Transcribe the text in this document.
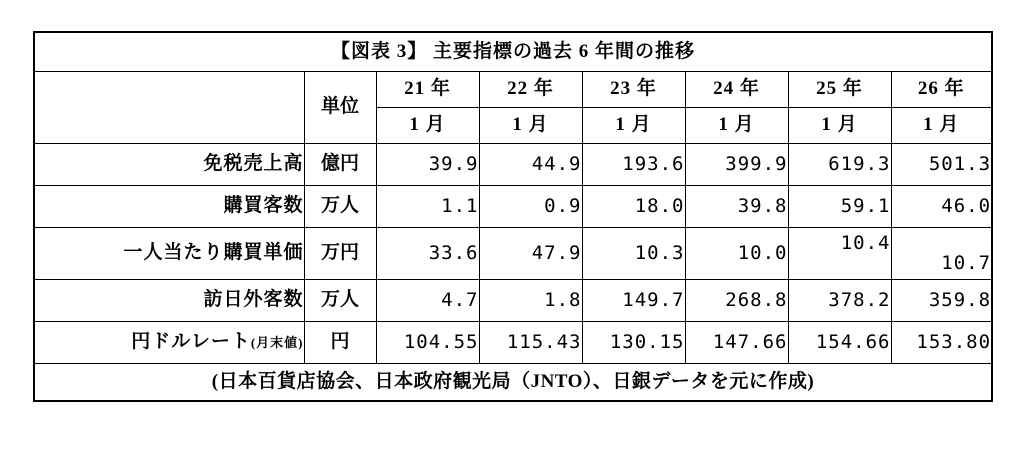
【図表 3】 主要指標の過去 6 年間の推移							
	単位	21 年	22 年	23 年	24 年	25 年	26 年
		1 月	1 月	1 月	1 月	1 月	1 月
免税売上高	億円	39.9	44.9	193.6	399.9	619.3	501.3
購買客数	万人	1.1	0.9	18.0	39.8	59.1	46.0
一人当たり購買単価	万円	33.6	47.9	10.3	10.0	10.4	10.7
訪日外客数	万人	4.7	1.8	149.7	268.8	378.2	359.8
円ドルレート(月末値)	円	104.55	115.43	130.15	147.66	154.66	153.80
(日本百貨店協会、日本政府観光局（JNTO）、日銀データを元に作成)							
